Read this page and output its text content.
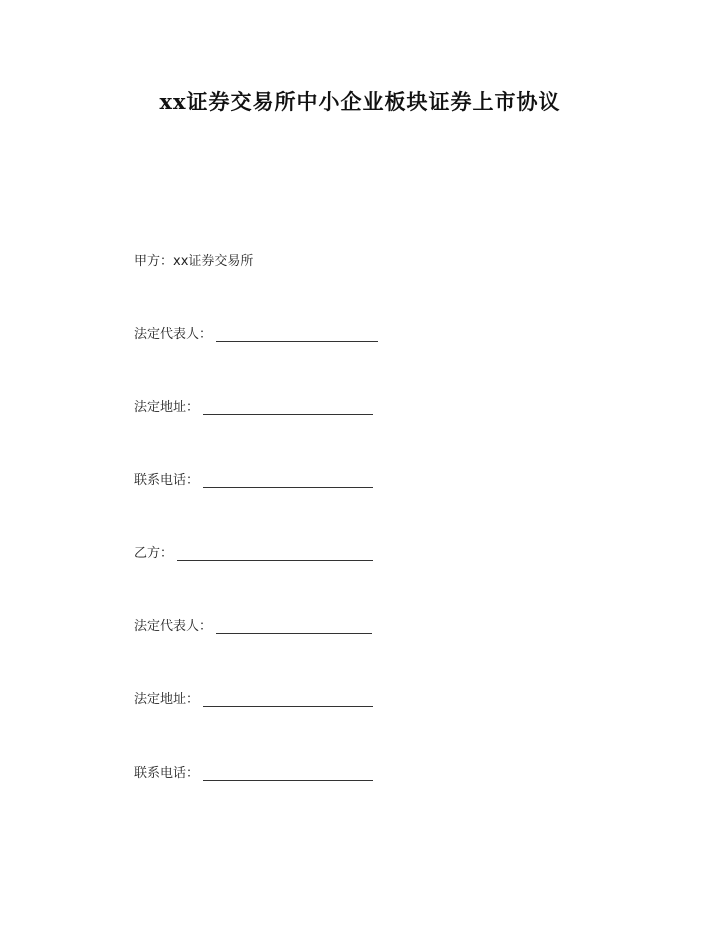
xx证券交易所中小企业板块证券上市协议
甲方：xx证券交易所
法定代表人：
法定地址：
联系电话：
乙方：
法定代表人：
法定地址：
联系电话：
